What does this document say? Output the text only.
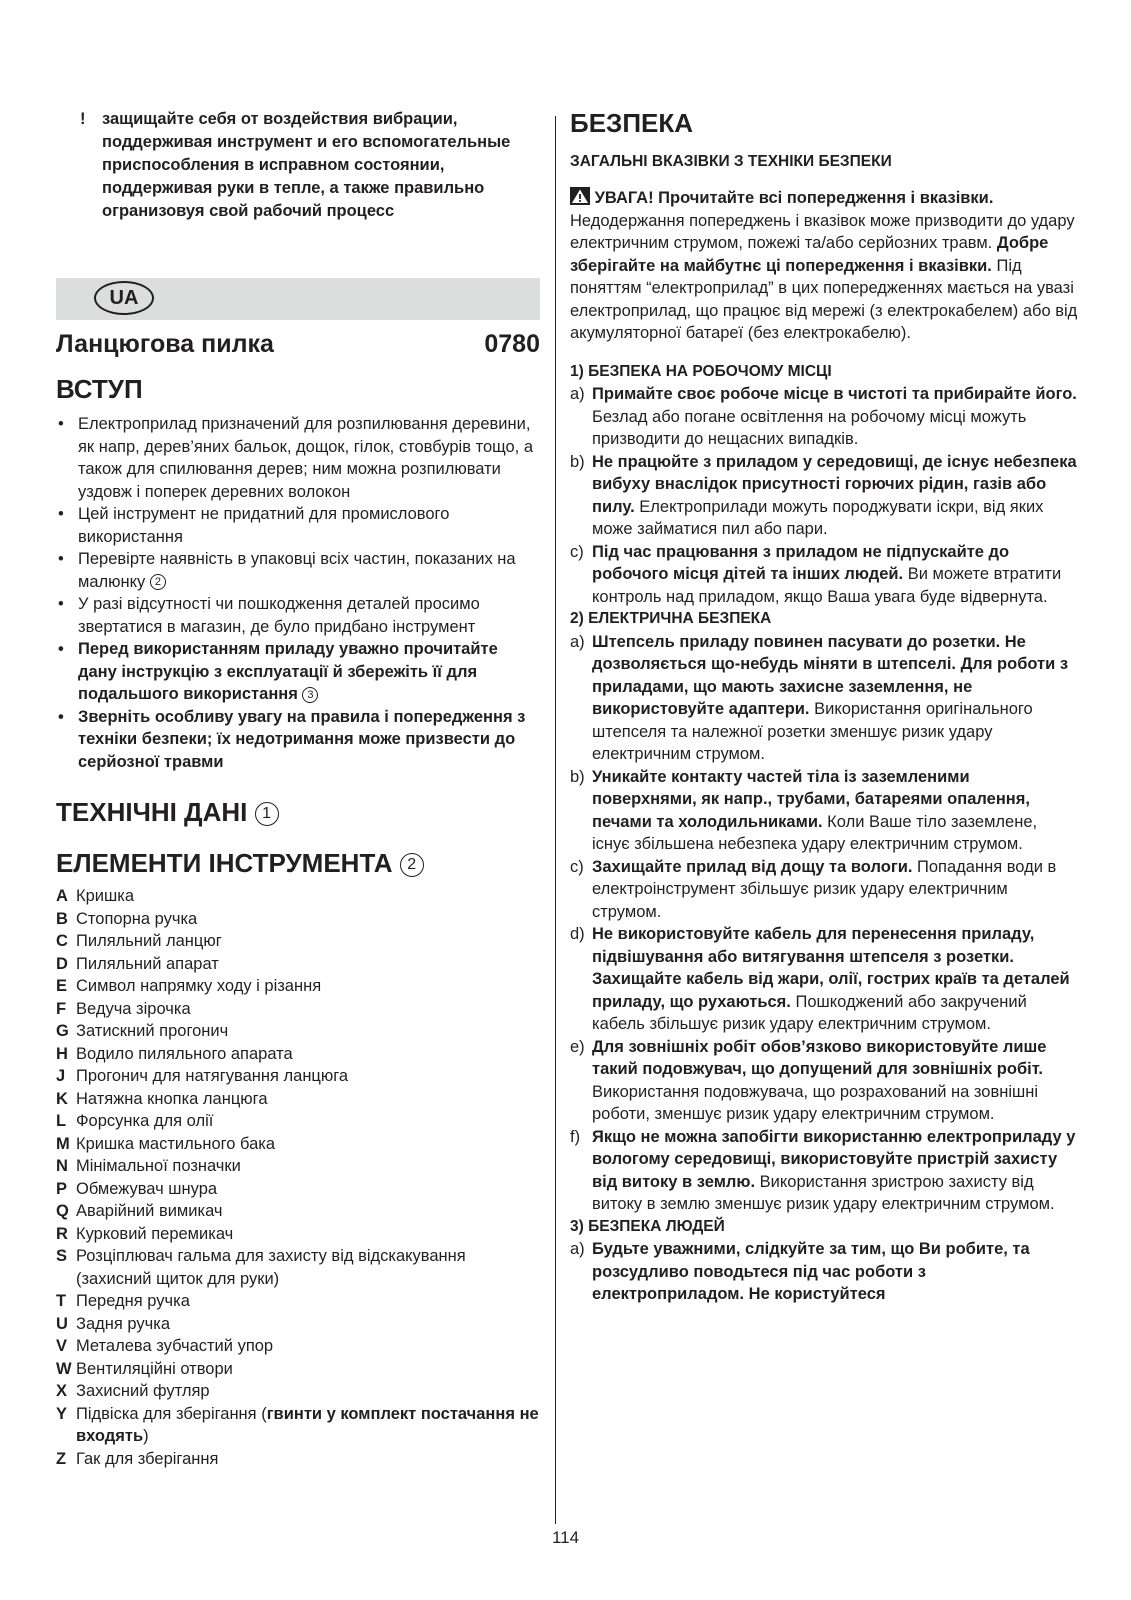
!	защищайте себя от воздействия вибрации, поддерживая инструмент и его вспомогательные приспособления в исправном состоянии, поддерживая руки в тепле, а также правильно огранизовуя свой рабочий процесс
UA
Ланцюгова пилка	0780
ВСТУП
• Електроприлад призначений для розпилювання деревини, як напр, дерев’яних бальок, дощок, гілок, стовбурів тощо, а також для спилювання дерев; ним можна розпилювати уздовж і поперек деревних волокон
• Цей інструмент не придатний для промислового використання
• Перевірте наявність в упаковці всіх частин, показаних на малюнку 2
• У разі відсутності чи пошкодження деталей просимо звертатися в магазин, де було придбано інструмент
• Перед використанням приладу уважно прочитайте дану інструкцію з експлуатації й збережіть її для подальшого використання 3
• Зверніть особливу увагу на правила і попередження з техніки безпеки; їх недотримання може призвести до серйозної травми
ТЕХНІЧНІ ДАНІ 1
ЕЛЕМЕНТИ ІНСТРУМЕНТА 2
A Кришка
B Стопорна ручка
C Пиляльний ланцюг
D Пиляльний апарат
E Символ напрямку ходу і різання
F Ведуча зірочка
G Затискний прогонич
H Водило пиляльного апарата
J Прогонич для натягування ланцюга
K Натяжна кнопка ланцюга
L Форсунка для олії
M Кришка мастильного бака
N Мінімальної позначки
P Обмежувач шнура
Q Аварійний вимикач
R Курковий перемикач
S Розціплювач гальма для захисту від відскакування (захисний щиток для руки)
T Передня ручка
U Задня ручка
V Металева зубчастий упор
W Вентиляційні отвори
X Захисний футляр
Y Підвіска для зберігання (гвинти у комплект постачання не входять)
Z Гак для зберігання
БЕЗПЕКА
ЗАГАЛЬНІ ВКАЗІВКИ З ТЕХНІКИ БЕЗПЕКИ
УВАГА! Прочитайте всі попередження і вказівки. Недодержання попереджень і вказівок може призводити до удару електричним струмом, пожежі та/або серйозних травм. Добре зберігайте на майбутнє ці попередження і вказівки. Під поняттям “електроприлад” в цих попередженнях мається на увазі електроприлад, що працює від мережі (з електрокабелем) або від акумуляторної батареї (без електрокабелю).
1) БЕЗПЕКА НА РОБОЧОМУ МІСЦІ
a) Примайте своє робоче місце в чистоті та прибирайте його. Безлад або погане освітлення на робочому місці можуть призводити до нещасних випадків.
b) Не працюйте з приладом у середовищі, де існує небезпека вибуху внаслідок присутності горючих рідин, газів або пилу. Електроприлади можуть породжувати іскри, від яких може займатися пил або пари.
c) Під час працювання з приладом не підпускайте до робочого місця дітей та інших людей. Ви можете втратити контроль над приладом, якщо Ваша увага буде відвернута.
2) ЕЛЕКТРИЧНА БЕЗПЕКА
a) Штепсель приладу повинен пасувати до розетки. Не дозволяється що-небудь міняти в штепселі. Для роботи з приладами, що мають захисне заземлення, не використовуйте адаптери. Використання оригінального штепселя та належної розетки зменшує ризик удару електричним струмом.
b) Уникайте контакту частей тіла із заземленими поверхнями, як напр., трубами, батареями опалення, печами та холодильниками. Коли Ваше тіло заземлене, існує збільшена небезпека удару електричним струмом.
c) Захищайте прилад від дощу та вологи. Попадання води в електроінструмент збільшує ризик удару електричним струмом.
d) Не використовуйте кабель для перенесення приладу, підвішування або витягування штепселя з розетки. Захищайте кабель від жари, олії, гострих країв та деталей приладу, що рухаються. Пошкоджений або закручений кабель збільшує ризик удару електричним струмом.
e) Для зовнішніх робіт обов’язково використовуйте лише такий подовжувач, що допущений для зовнішніх робіт. Використання подовжувача, що розрахований на зовнішні роботи, зменшує ризик удару електричним струмом.
f) Якщо не можна запобігти використанню електроприладу у вологому середовищі, використовуйте пристрій захисту від витоку в землю. Використання зристрою захисту від витоку в землю зменшує ризик удару електричним струмом.
3) БЕЗПЕКА ЛЮДЕЙ
a) Будьте уважними, слідкуйте за тим, що Ви робите, та розсудливо поводьтеся під час роботи з електроприладом. Не користуйтеся
114
